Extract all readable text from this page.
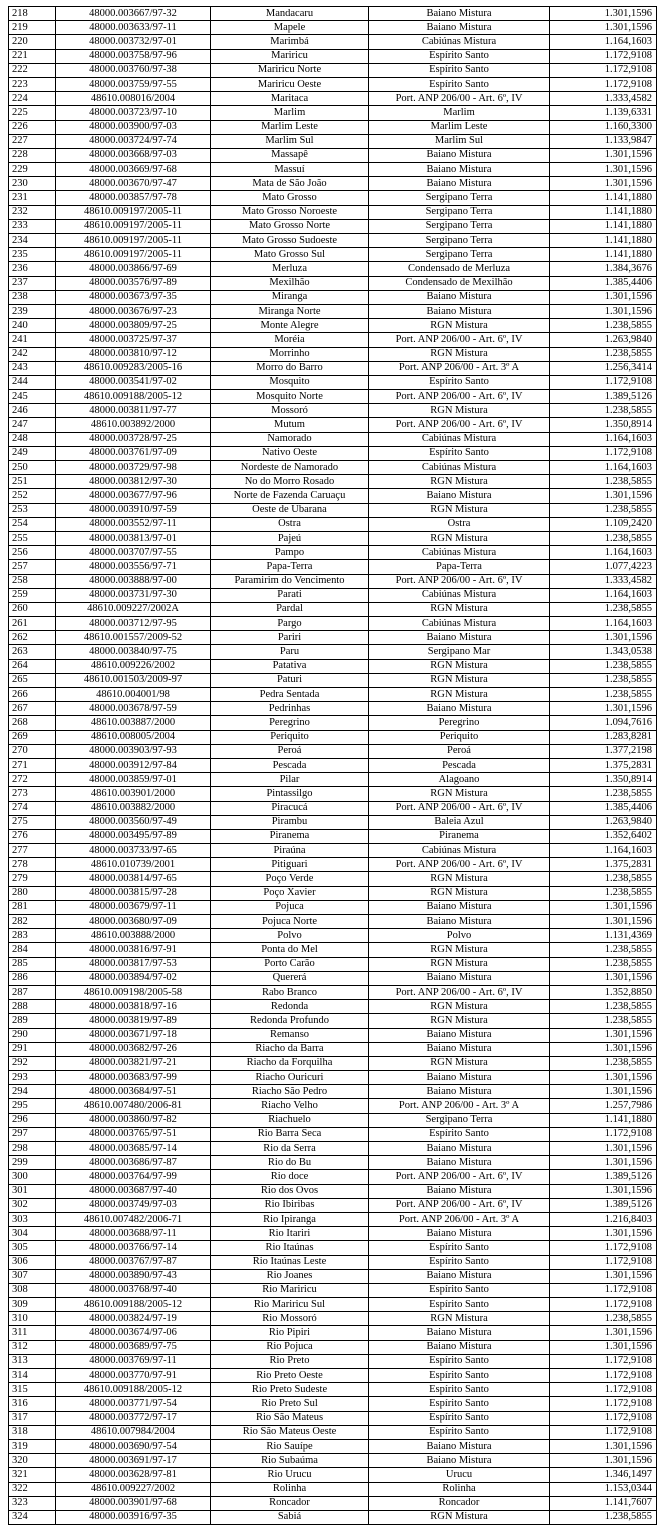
218	48000.003667/97-32	Mandacaru	Baiano Mistura	1.301,1596
219	48000.003633/97-11	Mapele	Baiano Mistura	1.301,1596
220	48000.003732/97-01	Marimbá	Cabiúnas Mistura	1.164,1603
221	48000.003758/97-96	Mariricu	Espírito Santo	1.172,9108
222	48000.003760/97-38	Mariricu Norte	Espírito Santo	1.172,9108
223	48000.003759/97-55	Mariricu Oeste	Espírito Santo	1.172,9108
224	48610.008016/2004	Maritaca	Port. ANP 206/00 - Art. 6º, IV	1.333,4582
225	48000.003723/97-10	Marlim	Marlim	1.139,6331
226	48000.003900/97-03	Marlim Leste	Marlim Leste	1.160,3300
227	48000.003724/97-74	Marlim Sul	Marlim Sul	1.133,9847
228	48000.003668/97-03	Massapê	Baiano Mistura	1.301,1596
229	48000.003669/97-68	Massuí	Baiano Mistura	1.301,1596
230	48000.003670/97-47	Mata de São João	Baiano Mistura	1.301,1596
231	48000.003857/97-78	Mato Grosso	Sergipano Terra	1.141,1880
232	48610.009197/2005-11	Mato Grosso Noroeste	Sergipano Terra	1.141,1880
233	48610.009197/2005-11	Mato Grosso Norte	Sergipano Terra	1.141,1880
234	48610.009197/2005-11	Mato Grosso Sudoeste	Sergipano Terra	1.141,1880
235	48610.009197/2005-11	Mato Grosso Sul	Sergipano Terra	1.141,1880
236	48000.003866/97-69	Merluza	Condensado de Merluza	1.384,3676
237	48000.003576/97-89	Mexilhão	Condensado de Mexilhão	1.385,4406
238	48000.003673/97-35	Miranga	Baiano Mistura	1.301,1596
239	48000.003676/97-23	Miranga Norte	Baiano Mistura	1.301,1596
240	48000.003809/97-25	Monte Alegre	RGN Mistura	1.238,5855
241	48000.003725/97-37	Moréia	Port. ANP 206/00 - Art. 6º, IV	1.263,9840
242	48000.003810/97-12	Morrinho	RGN Mistura	1.238,5855
243	48610.009283/2005-16	Morro do Barro	Port. ANP 206/00 - Art. 3º A	1.256,3414
244	48000.003541/97-02	Mosquito	Espírito Santo	1.172,9108
245	48610.009188/2005-12	Mosquito Norte	Port. ANP 206/00 - Art. 6º, IV	1.389,5126
246	48000.003811/97-77	Mossoró	RGN Mistura	1.238,5855
247	48610.003892/2000	Mutum	Port. ANP 206/00 - Art. 6º, IV	1.350,8914
248	48000.003728/97-25	Namorado	Cabiúnas Mistura	1.164,1603
249	48000.003761/97-09	Nativo Oeste	Espírito Santo	1.172,9108
250	48000.003729/97-98	Nordeste de Namorado	Cabiúnas Mistura	1.164,1603
251	48000.003812/97-30	No do Morro Rosado	RGN Mistura	1.238,5855
252	48000.003677/97-96	Norte de Fazenda Caruaçu	Baiano Mistura	1.301,1596
253	48000.003910/97-59	Oeste de Ubarana	RGN Mistura	1.238,5855
254	48000.003552/97-11	Ostra	Ostra	1.109,2420
255	48000.003813/97-01	Pajeú	RGN Mistura	1.238,5855
256	48000.003707/97-55	Pampo	Cabiúnas Mistura	1.164,1603
257	48000.003556/97-71	Papa-Terra	Papa-Terra	1.077,4223
258	48000.003888/97-00	Paramirim do Vencimento	Port. ANP 206/00 - Art. 6º, IV	1.333,4582
259	48000.003731/97-30	Parati	Cabiúnas Mistura	1.164,1603
260	48610.009227/2002A	Pardal	RGN Mistura	1.238,5855
261	48000.003712/97-95	Pargo	Cabiúnas Mistura	1.164,1603
262	48610.001557/2009-52	Pariri	Baiano Mistura	1.301,1596
263	48000.003840/97-75	Paru	Sergipano Mar	1.343,0538
264	48610.009226/2002	Patativa	RGN Mistura	1.238,5855
265	48610.001503/2009-97	Paturi	RGN Mistura	1.238,5855
266	48610.004001/98	Pedra Sentada	RGN Mistura	1.238,5855
267	48000.003678/97-59	Pedrinhas	Baiano Mistura	1.301,1596
268	48610.003887/2000	Peregrino	Peregrino	1.094,7616
269	48610.008005/2004	Periquito	Periquito	1.283,8281
270	48000.003903/97-93	Peroá	Peroá	1.377,2198
271	48000.003912/97-84	Pescada	Pescada	1.375,2831
272	48000.003859/97-01	Pilar	Alagoano	1.350,8914
273	48610.003901/2000	Pintassilgo	RGN Mistura	1.238,5855
274	48610.003882/2000	Piracucá	Port. ANP 206/00 - Art. 6º, IV	1.385,4406
275	48000.003560/97-49	Pirambu	Baleia Azul	1.263,9840
276	48000.003495/97-89	Piranema	Piranema	1.352,6402
277	48000.003733/97-65	Piraúna	Cabiúnas Mistura	1.164,1603
278	48610.010739/2001	Pitiguari	Port. ANP 206/00 - Art. 6º, IV	1.375,2831
279	48000.003814/97-65	Poço Verde	RGN Mistura	1.238,5855
280	48000.003815/97-28	Poço Xavier	RGN Mistura	1.238,5855
281	48000.003679/97-11	Pojuca	Baiano Mistura	1.301,1596
282	48000.003680/97-09	Pojuca Norte	Baiano Mistura	1.301,1596
283	48610.003888/2000	Polvo	Polvo	1.131,4369
284	48000.003816/97-91	Ponta do Mel	RGN Mistura	1.238,5855
285	48000.003817/97-53	Porto Carão	RGN Mistura	1.238,5855
286	48000.003894/97-02	Quererá	Baiano Mistura	1.301,1596
287	48610.009198/2005-58	Rabo Branco	Port. ANP 206/00 - Art. 6º, IV	1.352,8850
288	48000.003818/97-16	Redonda	RGN Mistura	1.238,5855
289	48000.003819/97-89	Redonda Profundo	RGN Mistura	1.238,5855
290	48000.003671/97-18	Remanso	Baiano Mistura	1.301,1596
291	48000.003682/97-26	Riacho da Barra	Baiano Mistura	1.301,1596
292	48000.003821/97-21	Riacho da Forquilha	RGN Mistura	1.238,5855
293	48000.003683/97-99	Riacho Ouricuri	Baiano Mistura	1.301,1596
294	48000.003684/97-51	Riacho São Pedro	Baiano Mistura	1.301,1596
295	48610.007480/2006-81	Riacho Velho	Port. ANP 206/00 - Art. 3º A	1.257,7986
296	48000.003860/97-82	Riachuelo	Sergipano Terra	1.141,1880
297	48000.003765/97-51	Rio Barra Seca	Espírito Santo	1.172,9108
298	48000.003685/97-14	Rio da Serra	Baiano Mistura	1.301,1596
299	48000.003686/97-87	Rio do Bu	Baiano Mistura	1.301,1596
300	48000.003764/97-99	Rio doce	Port. ANP 206/00 - Art. 6º, IV	1.389,5126
301	48000.003687/97-40	Rio dos Ovos	Baiano Mistura	1.301,1596
302	48000.003749/97-03	Rio Ibiribas	Port. ANP 206/00 - Art. 6º, IV	1.389,5126
303	48610.007482/2006-71	Rio Ipiranga	Port. ANP 206/00 - Art. 3º A	1.216,8403
304	48000.003688/97-11	Rio Itariri	Baiano Mistura	1.301,1596
305	48000.003766/97-14	Rio Itaúnas	Espírito Santo	1.172,9108
306	48000.003767/97-87	Rio Itaúnas Leste	Espírito Santo	1.172,9108
307	48000.003890/97-43	Rio Joanes	Baiano Mistura	1.301,1596
308	48000.003768/97-40	Rio Mariricu	Espírito Santo	1.172,9108
309	48610.009188/2005-12	Rio Mariricu Sul	Espírito Santo	1.172,9108
310	48000.003824/97-19	Rio Mossoró	RGN Mistura	1.238,5855
311	48000.003674/97-06	Rio Pipiri	Baiano Mistura	1.301,1596
312	48000.003689/97-75	Rio Pojuca	Baiano Mistura	1.301,1596
313	48000.003769/97-11	Rio Preto	Espírito Santo	1.172,9108
314	48000.003770/97-91	Rio Preto Oeste	Espírito Santo	1.172,9108
315	48610.009188/2005-12	Rio Preto Sudeste	Espírito Santo	1.172,9108
316	48000.003771/97-54	Rio Preto Sul	Espírito Santo	1.172,9108
317	48000.003772/97-17	Rio São Mateus	Espírito Santo	1.172,9108
318	48610.007984/2004	Rio São Mateus Oeste	Espírito Santo	1.172,9108
319	48000.003690/97-54	Rio Sauípe	Baiano Mistura	1.301,1596
320	48000.003691/97-17	Rio Subaúma	Baiano Mistura	1.301,1596
321	48000.003628/97-81	Rio Urucu	Urucu	1.346,1497
322	48610.009227/2002	Rolinha	Rolinha	1.153,0344
323	48000.003901/97-68	Roncador	Roncador	1.141,7607
324	48000.003916/97-35	Sabiá	RGN Mistura	1.238,5855
